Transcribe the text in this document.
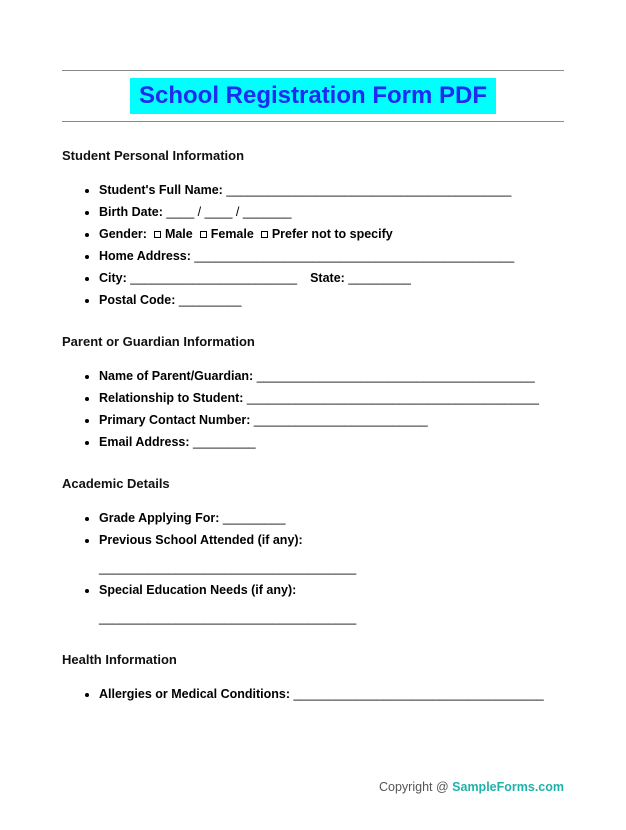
School Registration Form PDF
Student Personal Information
• Student's Full Name: _________________________________________
• Birth Date: ____ / ____ / _______
• Gender: Male Female Prefer not to specify
• Home Address: ______________________________________________
• City: ________________________ State: _________
• Postal Code: _________
Parent or Guardian Information
• Name of Parent/Guardian: ________________________________________
• Relationship to Student: __________________________________________
• Primary Contact Number: _________________________
• Email Address: _________
Academic Details
• Grade Applying For: _________
• Previous School Attended (if any):
_____________________________________
• Special Education Needs (if any):
_____________________________________
Health Information
• Allergies or Medical Conditions: ____________________________________
Copyright @ SampleForms.com
